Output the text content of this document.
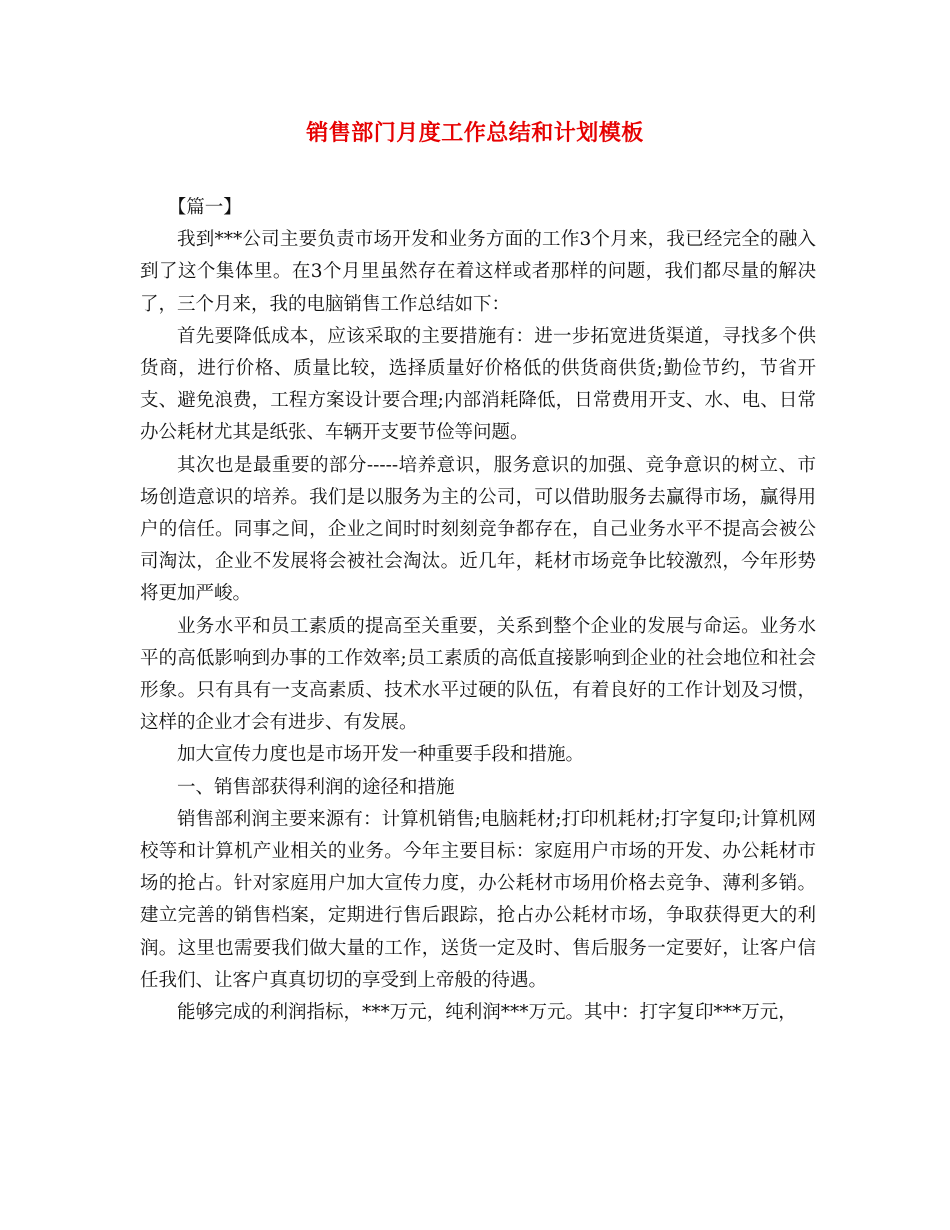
销售部门月度工作总结和计划模板

【篇一】

我到***公司主要负责市场开发和业务方面的工作3个月来，我已经完全的融入到了这个集体里。在3个月里虽然存在着这样或者那样的问题，我们都尽量的解决了，三个月来，我的电脑销售工作总结如下：

首先要降低成本，应该采取的主要措施有：进一步拓宽进货渠道，寻找多个供货商，进行价格、质量比较，选择质量好价格低的供货商供货;勤俭节约，节省开支、避免浪费，工程方案设计要合理;内部消耗降低，日常费用开支、水、电、日常办公耗材尤其是纸张、车辆开支要节俭等问题。

其次也是最重要的部分-----培养意识，服务意识的加强、竞争意识的树立、市场创造意识的培养。我们是以服务为主的公司，可以借助服务去赢得市场，赢得用户的信任。同事之间，企业之间时时刻刻竞争都存在，自己业务水平不提高会被公司淘汰，企业不发展将会被社会淘汰。近几年，耗材市场竞争比较激烈，今年形势将更加严峻。

业务水平和员工素质的提高至关重要，关系到整个企业的发展与命运。业务水平的高低影响到办事的工作效率;员工素质的高低直接影响到企业的社会地位和社会形象。只有具有一支高素质、技术水平过硬的队伍，有着良好的工作计划及习惯，这样的企业才会有进步、有发展。

加大宣传力度也是市场开发一种重要手段和措施。

一、销售部获得利润的途径和措施

销售部利润主要来源有：计算机销售;电脑耗材;打印机耗材;打字复印;计算机网校等和计算机产业相关的业务。今年主要目标：家庭用户市场的开发、办公耗材市场的抢占。针对家庭用户加大宣传力度，办公耗材市场用价格去竞争、薄利多销。建立完善的销售档案，定期进行售后跟踪，抢占办公耗材市场，争取获得更大的利润。这里也需要我们做大量的工作，送货一定及时、售后服务一定要好，让客户信任我们、让客户真真切切的享受到上帝般的待遇。

能够完成的利润指标，***万元，纯利润***万元。其中：打字复印***万元，
